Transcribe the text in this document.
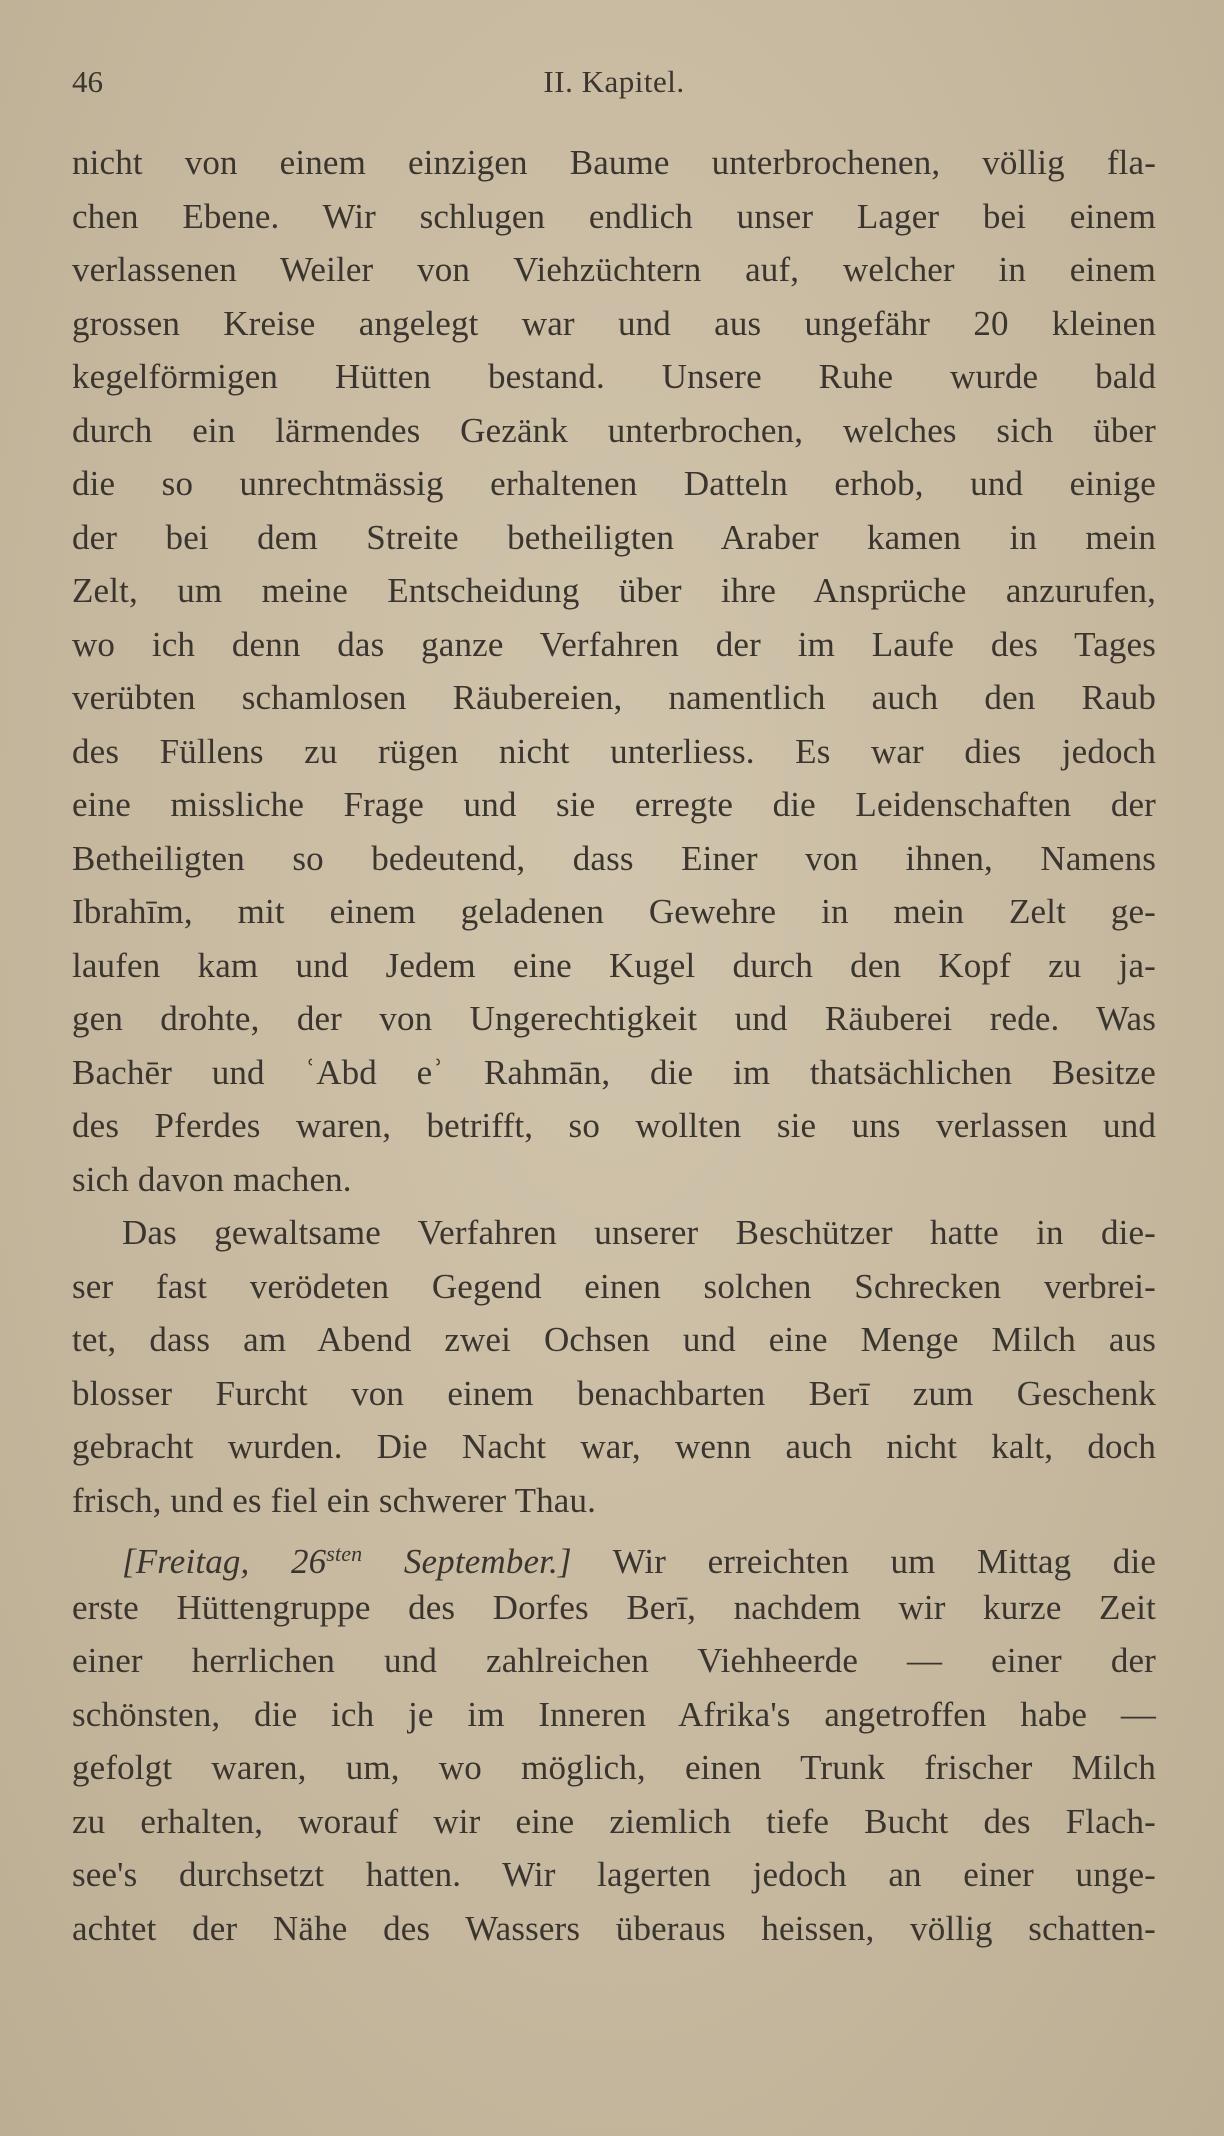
46	II. Kapitel.
nicht von einem einzigen Baume unterbrochenen, völlig fla-
chen Ebene. Wir schlugen endlich unser Lager bei einem
verlassenen Weiler von Viehzüchtern auf, welcher in einem
grossen Kreise angelegt war und aus ungefähr 20 kleinen
kegelförmigen Hütten bestand. Unsere Ruhe wurde bald
durch ein lärmendes Gezänk unterbrochen, welches sich über
die so unrechtmässig erhaltenen Datteln erhob, und einige
der bei dem Streite betheiligten Araber kamen in mein
Zelt, um meine Entscheidung über ihre Ansprüche anzurufen,
wo ich denn das ganze Verfahren der im Laufe des Tages
verübten schamlosen Räubereien, namentlich auch den Raub
des Füllens zu rügen nicht unterliess. Es war dies jedoch
eine missliche Frage und sie erregte die Leidenschaften der
Betheiligten so bedeutend, dass Einer von ihnen, Namens
Ibrahīm, mit einem geladenen Gewehre in mein Zelt ge-
laufen kam und Jedem eine Kugel durch den Kopf zu ja-
gen drohte, der von Ungerechtigkeit und Räuberei rede. Was
Bachēr und ʿAbd eʾ Rahmān, die im thatsächlichen Besitze
des Pferdes waren, betrifft, so wollten sie uns verlassen und
sich davon machen.
Das gewaltsame Verfahren unserer Beschützer hatte in die-
ser fast verödeten Gegend einen solchen Schrecken verbrei-
tet, dass am Abend zwei Ochsen und eine Menge Milch aus
blosser Furcht von einem benachbarten Berī zum Geschenk
gebracht wurden. Die Nacht war, wenn auch nicht kalt, doch
frisch, und es fiel ein schwerer Thau.
[Freitag, $26^{sten}$ September.] Wir erreichten um Mittag die
erste Hüttengruppe des Dorfes Berī, nachdem wir kurze Zeit
einer herrlichen und zahlreichen Viehheerde — einer der
schönsten, die ich je im Inneren Afrika's angetroffen habe —
gefolgt waren, um, wo möglich, einen Trunk frischer Milch
zu erhalten, worauf wir eine ziemlich tiefe Bucht des Flach-
see's durchsetzt hatten. Wir lagerten jedoch an einer unge-
achtet der Nähe des Wassers überaus heissen, völlig schatten-
